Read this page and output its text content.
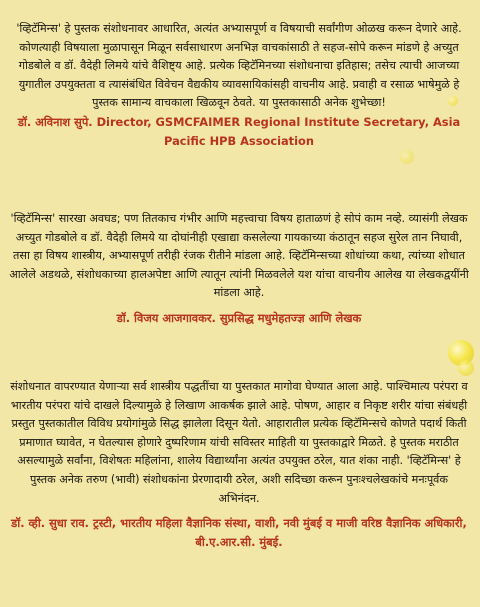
'व्हिटॅमिन्स' हे पुस्तक संशोधनावर आधारित, अत्यंत अभ्यासपूर्ण व विषयाची सर्वांगीण ओळख करून देणारे आहे. कोणत्याही विषयाला मुळापासून मिळून सर्वसाधारण अनभिज्ञ वाचकांसाठी ते सहज-सोपे करून मांडणे हे अच्युत गोडबोले व डॉ. वैदेही लिमये यांचे वैशिष्ट्य आहे. प्रत्येक व्हिटॅमिनच्या संशोधनाचा इतिहास; तसेच त्याची आजच्या युगातील उपयुक्तता व त्यासंबंधित विवेचन वैद्यकीय व्यावसायिकांसही वाचनीय आहे. प्रवाही व रसाळ भाषेमुळे हे पुस्तक सामान्य वाचकाला खिळवून ठेवते. या पुस्तकासाठी अनेक शुभेच्छा!

डॉ. अविनाश सुपे. Director, GSMCFAIMER Regional Institute Secretary, Asia Pacific HPB Association

'व्हिटॅमिन्स' सारखा अवघड; पण तितकाच गंभीर आणि महत्त्वाचा विषय हाताळणं हे सोपं काम नव्हे. व्यासंगी लेखक अच्युत गोडबोले व डॉ. वैदेही लिमये या दोघांनीही एखाद्या कसलेल्या गायकाच्या कंठातून सहज सुरेल तान निघावी, तसा हा विषय शास्त्रीय, अभ्यासपूर्ण तरीही रंजक रीतीने मांडला आहे. व्हिटॅमिन्सच्या शोधांच्या कथा, त्यांच्या शोधात आलेले अडथळे, संशोधकाच्या हालअपेष्टा आणि त्यातून त्यांनी मिळवलेले यश यांचा वाचनीय आलेख या लेखकद्वयींनी मांडला आहे.

डॉ. विजय आजगावकर. सुप्रसिद्ध मधुमेहतज्ज्ञ आणि लेखक

संशोधनात वापरण्यात येणाऱ्या सर्व शास्त्रीय पद्धतींचा या पुस्तकात मागोवा घेण्यात आला आहे. पाश्चिमात्य परंपरा व भारतीय परंपरा यांचे दाखले दिल्यामुळे हे लिखाण आकर्षक झाले आहे. पोषण, आहार व निकृष्ट शरीर यांचा संबंधही प्रस्तुत पुस्तकातील विविध प्रयोगांमुळे सिद्ध झालेला दिसून येतो. आहारातील प्रत्येक व्हिटॅमिन्सचे कोणते पदार्थ किती प्रमाणात घ्यावेत, न घेतल्यास होणारे दुष्परिणाम यांची सविस्तर माहिती या पुस्तकाद्वारे मिळते. हे पुस्तक मराठीत असल्यामुळे सर्वांना, विशेषतः महिलांना, शालेय विद्यार्थ्यांना अत्यंत उपयुक्त ठरेल, यात शंका नाही. 'व्हिटॅमिन्स' हे पुस्तक अनेक तरुण (भावी) संशोधकांना प्रेरणादायी ठरेल, अशी सदिच्छा करून पुनःश्चलेखकांचे मनःपूर्वक अभिनंदन.

डॉ. व्ही. सुधा राव. ट्रस्टी, भारतीय महिला वैज्ञानिक संस्था, वाशी, नवी मुंबई व माजी वरिष्ठ वैज्ञानिक अधिकारी, बी.ए.आर.सी. मुंबई.
